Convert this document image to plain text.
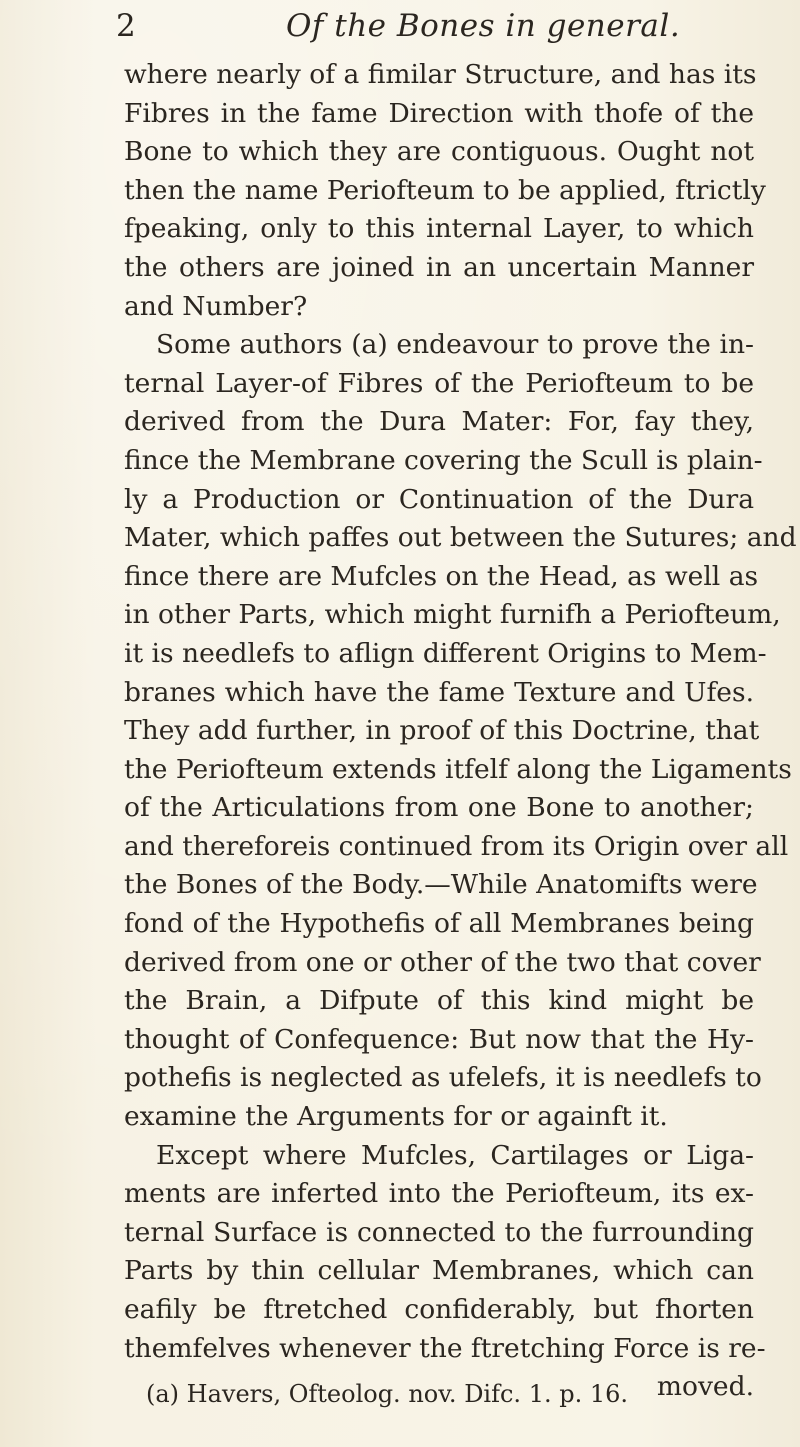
2	Of the Bones in general.
where nearly of a fimilar Structure, and has its
Fibres in the fame Direction with thofe of the
Bone to which they are contiguous. Ought not
then the name Periofteum to be applied, ftrictly
fpeaking, only to this internal Layer, to which
the others are joined in an uncertain Manner
and Number?
Some authors (a) endeavour to prove the in-
ternal Layer-of Fibres of the Periofteum to be
derived from the Dura Mater: For, fay they,
fince the Membrane covering the Scull is plain-
ly a Production or Continuation of the Dura
Mater, which paffes out between the Sutures; and
fince there are Mufcles on the Head, as well as
in other Parts, which might furnifh a Periofteum,
it is needlefs to aflign different Origins to Mem-
branes which have the fame Texture and Ufes.
They add further, in proof of this Doctrine, that
the Periofteum extends itfelf along the Ligaments
of the Articulations from one Bone to another;
and thereforeis continued from its Origin over all
the Bones of the Body.—While Anatomifts were
fond of the Hypothefis of all Membranes being
derived from one or other of the two that cover
the Brain, a Difpute of this kind might be
thought of Confequence: But now that the Hy-
pothefis is neglected as ufelefs, it is needlefs to
examine the Arguments for or againft it.
Except where Mufcles, Cartilages or Liga-
ments are inferted into the Periofteum, its ex-
ternal Surface is connected to the furrounding
Parts by thin cellular Membranes, which can
eafily be ftretched confiderably, but fhorten
themfelves whenever the ftretching Force is re-
moved.
(a) Havers, Ofteolog. nov. Difc. 1. p. 16.
